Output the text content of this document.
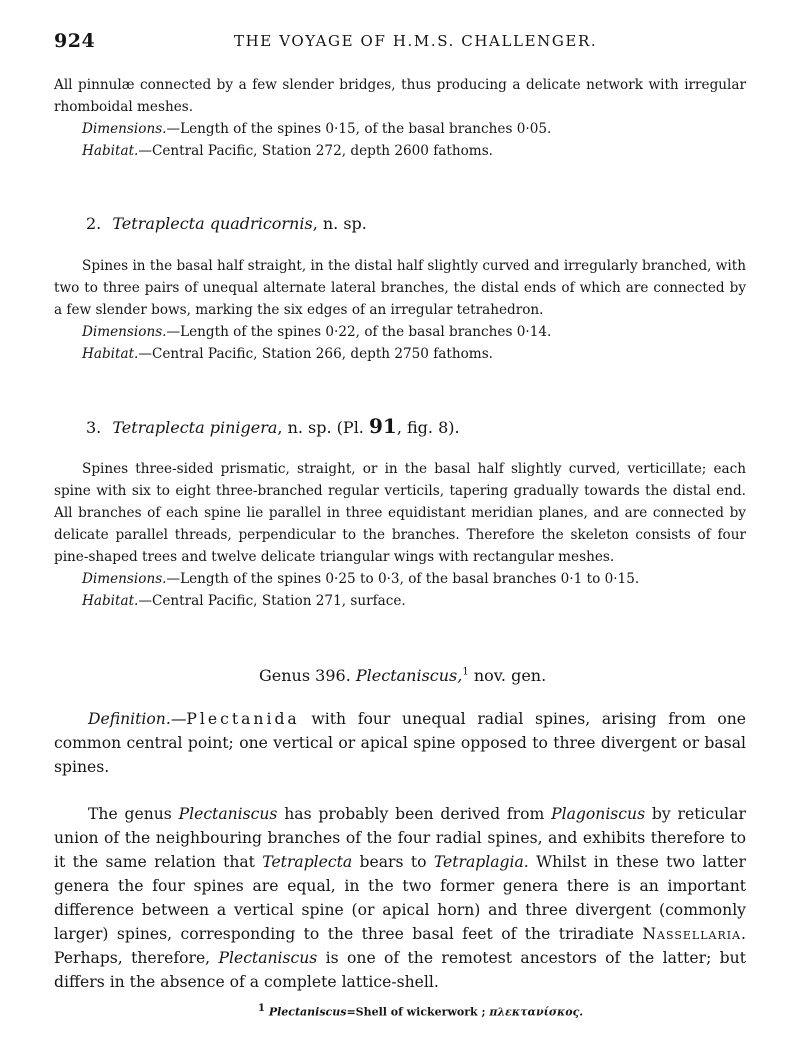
924	THE VOYAGE OF H.M.S. CHALLENGER.

All pinnulæ connected by a few slender bridges, thus producing a delicate network with irregular rhomboidal meshes.

Dimensions.—Length of the spines 0·15, of the basal branches 0·05.
Habitat.—Central Pacific, Station 272, depth 2600 fathoms.
2. Tetraplecta quadricornis, n. sp.

Spines in the basal half straight, in the distal half slightly curved and irregularly branched, with two to three pairs of unequal alternate lateral branches, the distal ends of which are connected by a few slender bows, marking the six edges of an irregular tetrahedron.

Dimensions.—Length of the spines 0·22, of the basal branches 0·14.
Habitat.—Central Pacific, Station 266, depth 2750 fathoms.
3. Tetraplecta pinigera, n. sp. (Pl. 91, fig. 8).

Spines three-sided prismatic, straight, or in the basal half slightly curved, verticillate; each spine with six to eight three-branched regular verticils, tapering gradually towards the distal end. All branches of each spine lie parallel in three equidistant meridian planes, and are connected by delicate parallel threads, perpendicular to the branches. Therefore the skeleton consists of four pine-shaped trees and twelve delicate triangular wings with rectangular meshes.

Dimensions.—Length of the spines 0·25 to 0·3, of the basal branches 0·1 to 0·15.
Habitat.—Central Pacific, Station 271, surface.
Genus 396. Plectaniscus,$^1$ nov. gen.

Definition.—Plectanida with four unequal radial spines, arising from one common central point; one vertical or apical spine opposed to three divergent or basal spines.

The genus Plectaniscus has probably been derived from Plagoniscus by reticular union of the neighbouring branches of the four radial spines, and exhibits therefore to it the same relation that Tetraplecta bears to Tetraplagia. Whilst in these two latter genera the four spines are equal, in the two former genera there is an important difference between a vertical spine (or apical horn) and three divergent (commonly larger) spines, corresponding to the three basal feet of the triradiate Nassellaria. Perhaps, therefore, Plectaniscus is one of the remotest ancestors of the latter; but differs in the absence of a complete lattice-shell.

$^1$ Plectaniscus=Shell of wickerwork ; πλεκτανίσκος.
